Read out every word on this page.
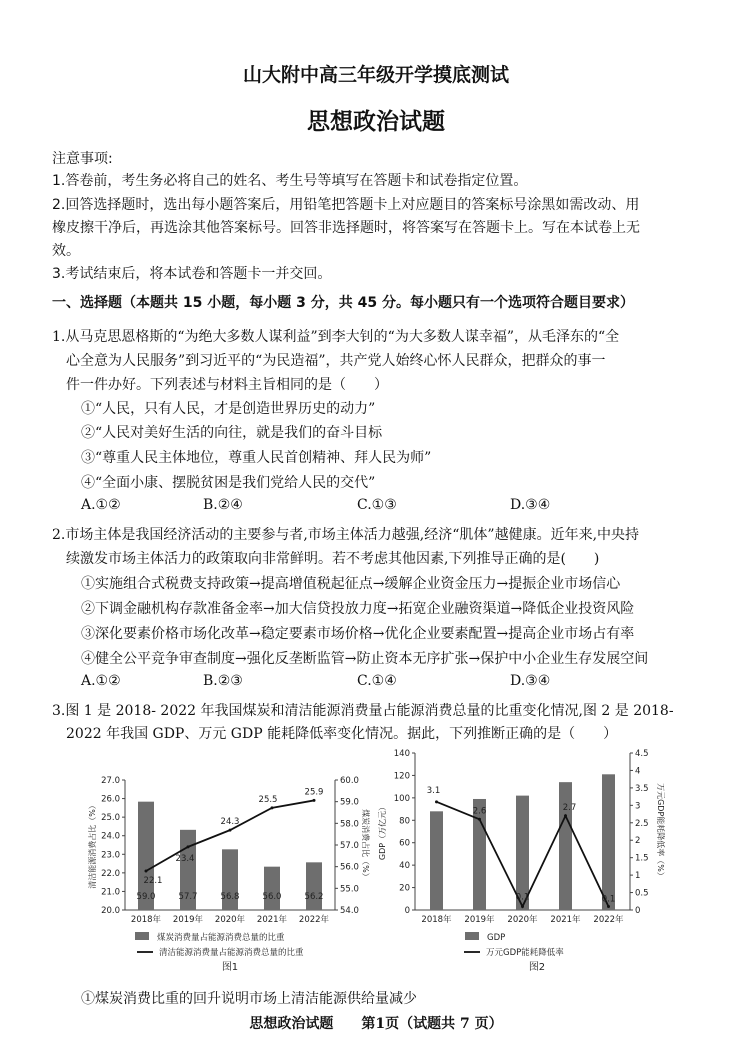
山大附中高三年级开学摸底测试
思想政治试题
注意事项:
1.答卷前，考生务必将自己的姓名、考生号等填写在答题卡和试卷指定位置。
2.回答选择题时，选出每小题答案后，用铅笔把答题卡上对应题目的答案标号涂黑如需改动、用
橡皮擦干净后，再选涂其他答案标号。回答非选择题时，将答案写在答题卡上。写在本试卷上无
效。
3.考试结束后，将本试卷和答题卡一并交回。
一、选择题（本题共 15 小题，每小题 3 分，共 45 分。每小题只有一个选项符合题目要求）
1.从马克思恩格斯的“为绝大多数人谋利益”到李大钊的“为大多数人谋幸福”，从毛泽东的“全
心全意为人民服务”到习近平的“为民造福”，共产党人始终心怀人民群众，把群众的事一
件一件办好。下列表述与材料主旨相同的是（　　）
①“人民，只有人民，才是创造世界历史的动力”
②“人民对美好生活的向往，就是我们的奋斗目标
③“尊重人民主体地位，尊重人民首创精神、拜人民为师”
④“全面小康、摆脱贫困是我们党给人民的交代”
A.①②	B.②④	C.①③	D.③④
2.市场主体是我国经济活动的主要参与者,市场主体活力越强,经济“肌体”越健康。近年来,中央持
续激发市场主体活力的政策取向非常鲜明。若不考虑其他因素,下列推导正确的是(　　)
①实施组合式税费支持政策→提高增值税起征点→缓解企业资金压力→提振企业市场信心
②下调金融机构存款准备金率→加大信贷投放力度→拓宽企业融资渠道→降低企业投资风险
③深化要素价格市场化改革→稳定要素市场价格→优化企业要素配置→提高企业市场占有率
④健全公平竞争审查制度→强化反垄断监管→防止资本无序扩张→保护中小企业生存发展空间
A.①②	B.②③	C.①④	D.③④
3.图 1 是 2018- 2022 年我国煤炭和清洁能源消费量占能源消费总量的比重变化情况,图 2 是 2018-
2022 年我国 GDP、万元 GDP 能耗降低率变化情况。据此，下列推断正确的是（　　）
20.0
21.0
22.0
23.0
24.0
25.0
26.0
27.0
54.0
55.0
56.0
57.0
58.0
59.0
60.0
清洁能源消费占比（%）	煤炭消费占比（%）
59.0	57.7	56.8	56.0	56.2
2018年 2019年 2020年 2021年 2022年
22.1
23.4
24.3
25.5
25.9
煤炭消费量占能源消费总量的比重
清洁能源消费量占能源消费总量的比重
图1
0
20
40
60
80
100
120
140
0
0.5
1
1.5
2
2.5
3
3.5
4
4.5
GDP（万亿元）	万元GDP能耗降低率（%）
2018年 2019年 2020年 2021年 2022年
3.1
2.6
0.1
2.7
0.1
GDP
万元GDP能耗降低率
图2
①煤炭消费比重的回升说明市场上清洁能源供给量减少
思想政治试题　　第1页（试题共 7 页）
